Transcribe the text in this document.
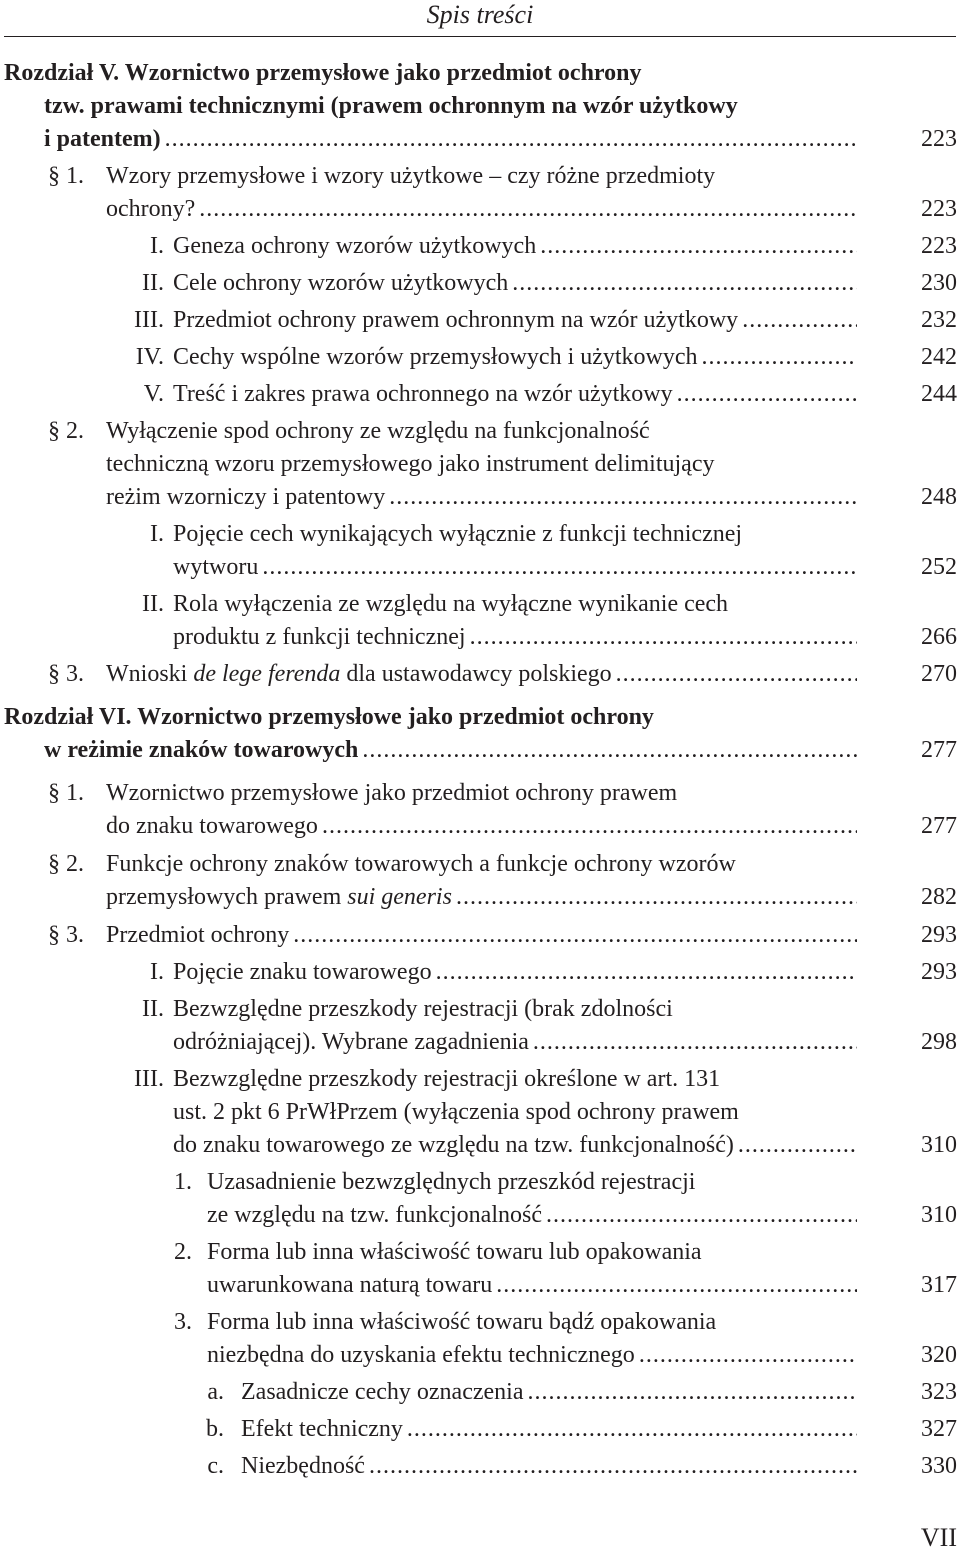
Spis treści
Rozdział V. Wzornictwo przemysłowe jako przedmiot ochrony
tzw. prawami technicznymi (prawem ochronnym na wzór użytkowy
i patentem) .....	223
§ 1. Wzory przemysłowe i wzory użytkowe – czy różne przedmioty
ochrony? .....	223
I. Geneza ochrony wzorów użytkowych .....	223
II. Cele ochrony wzorów użytkowych .....	230
III. Przedmiot ochrony prawem ochronnym na wzór użytkowy .....	232
IV. Cechy wspólne wzorów przemysłowych i użytkowych .....	242
V. Treść i zakres prawa ochronnego na wzór użytkowy .....	244
§ 2. Wyłączenie spod ochrony ze względu na funkcjonalność
techniczną wzoru przemysłowego jako instrument delimitujący
reżim wzorniczy i patentowy .....	248
I. Pojęcie cech wynikających wyłącznie z funkcji technicznej
wytworu .....	252
II. Rola wyłączenia ze względu na wyłączne wynikanie cech
produktu z funkcji technicznej .....	266
§ 3. Wnioski de lege ferenda dla ustawodawcy polskiego .....	270
Rozdział VI. Wzornictwo przemysłowe jako przedmiot ochrony
w reżimie znaków towarowych .....	277
§ 1. Wzornictwo przemysłowe jako przedmiot ochrony prawem
do znaku towarowego .....	277
§ 2. Funkcje ochrony znaków towarowych a funkcje ochrony wzorów
przemysłowych prawem sui generis .....	282
§ 3. Przedmiot ochrony .....	293
I. Pojęcie znaku towarowego .....	293
II. Bezwzględne przeszkody rejestracji (brak zdolności
odróżniającej). Wybrane zagadnienia .....	298
III. Bezwzględne przeszkody rejestracji określone w art. 131
ust. 2 pkt 6 PrWłPrzem (wyłączenia spod ochrony prawem
do znaku towarowego ze względu na tzw. funkcjonalność) .....	310
1. Uzasadnienie bezwzględnych przeszkód rejestracji
ze względu na tzw. funkcjonalność .....	310
2. Forma lub inna właściwość towaru lub opakowania
uwarunkowana naturą towaru .....	317
3. Forma lub inna właściwość towaru bądź opakowania
niezbędna do uzyskania efektu technicznego .....	320
a. Zasadnicze cechy oznaczenia .....	323
b. Efekt techniczny .....	327
c. Niezbędność .....	330
VII
